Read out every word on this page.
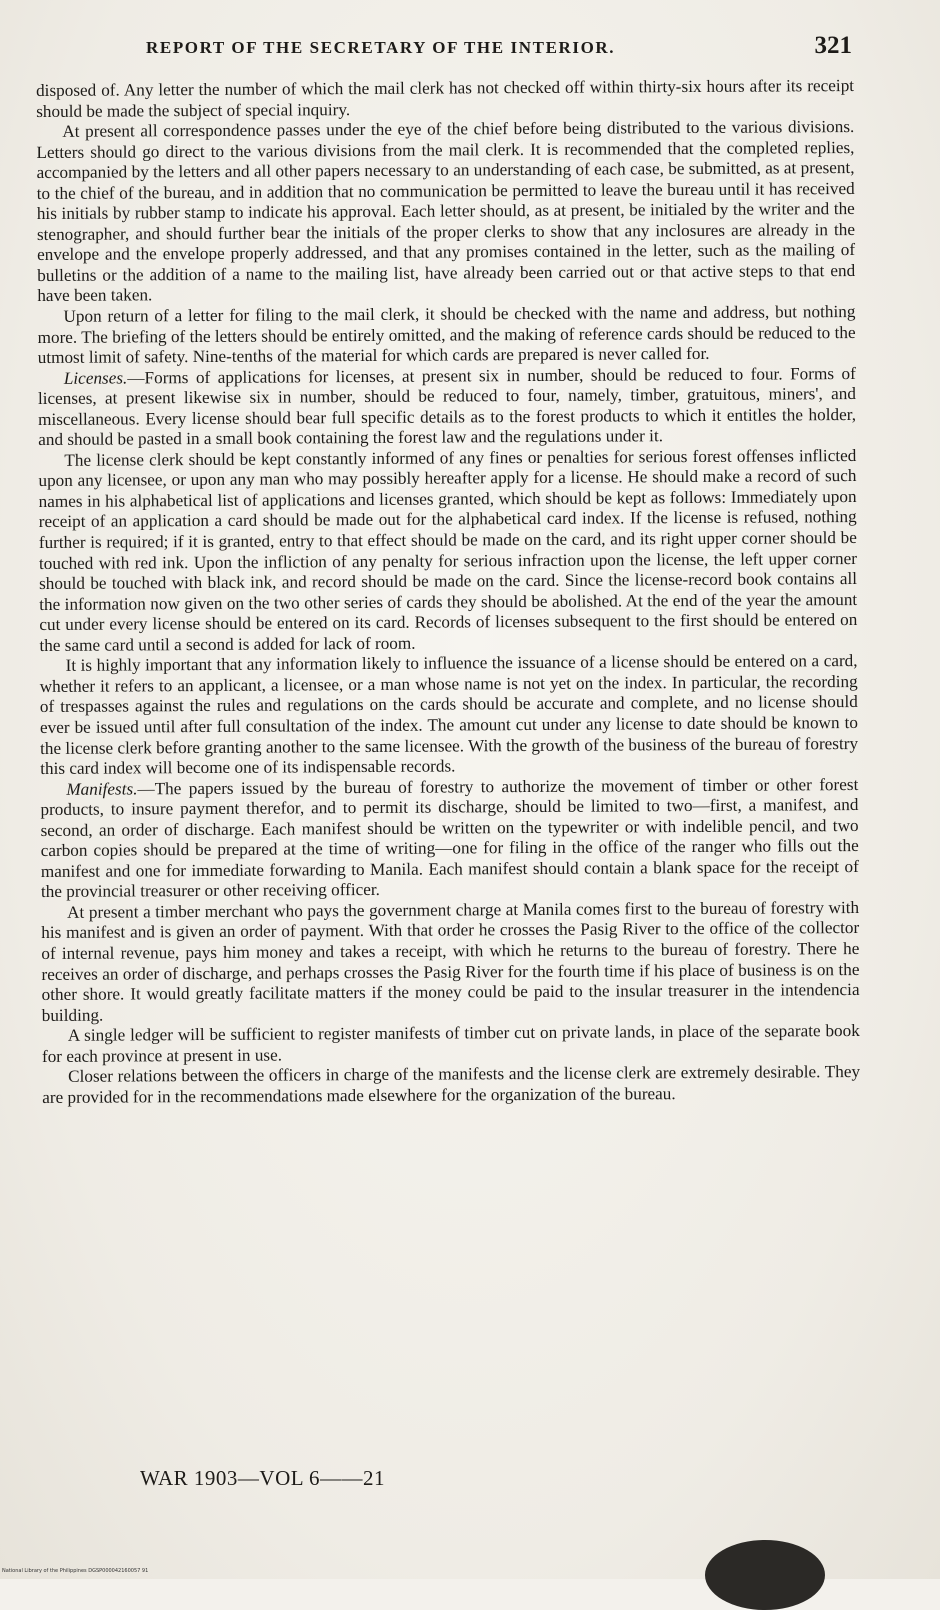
REPORT OF THE SECRETARY OF THE INTERIOR.	321

disposed of. Any letter the number of which the mail clerk has not checked off within thirty-six hours after its receipt should be made the subject of special inquiry.

At present all correspondence passes under the eye of the chief before being distributed to the various divisions. Letters should go direct to the various divisions from the mail clerk. It is recommended that the completed replies, accompanied by the letters and all other papers necessary to an understanding of each case, be submitted, as at present, to the chief of the bureau, and in addition that no communication be permitted to leave the bureau until it has received his initials by rubber stamp to indicate his approval. Each letter should, as at present, be initialed by the writer and the stenographer, and should further bear the initials of the proper clerks to show that any inclosures are already in the envelope and the envelope properly addressed, and that any promises contained in the letter, such as the mailing of bulletins or the addition of a name to the mailing list, have already been carried out or that active steps to that end have been taken.

Upon return of a letter for filing to the mail clerk, it should be checked with the name and address, but nothing more. The briefing of the letters should be entirely omitted, and the making of reference cards should be reduced to the utmost limit of safety. Nine-tenths of the material for which cards are prepared is never called for.

Licenses.—Forms of applications for licenses, at present six in number, should be reduced to four. Forms of licenses, at present likewise six in number, should be reduced to four, namely, timber, gratuitous, miners', and miscellaneous. Every license should bear full specific details as to the forest products to which it entitles the holder, and should be pasted in a small book containing the forest law and the regulations under it.

The license clerk should be kept constantly informed of any fines or penalties for serious forest offenses inflicted upon any licensee, or upon any man who may possibly hereafter apply for a license. He should make a record of such names in his alphabetical list of applications and licenses granted, which should be kept as follows: Immediately upon receipt of an application a card should be made out for the alphabetical card index. If the license is refused, nothing further is required; if it is granted, entry to that effect should be made on the card, and its right upper corner should be touched with red ink. Upon the infliction of any penalty for serious infraction upon the license, the left upper corner should be touched with black ink, and record should be made on the card. Since the license-record book contains all the information now given on the two other series of cards they should be abolished. At the end of the year the amount cut under every license should be entered on its card. Records of licenses subsequent to the first should be entered on the same card until a second is added for lack of room.

It is highly important that any information likely to influence the issuance of a license should be entered on a card, whether it refers to an applicant, a licensee, or a man whose name is not yet on the index. In particular, the recording of trespasses against the rules and regulations on the cards should be accurate and complete, and no license should ever be issued until after full consultation of the index. The amount cut under any license to date should be known to the license clerk before granting another to the same licensee. With the growth of the business of the bureau of forestry this card index will become one of its indispensable records.

Manifests.—The papers issued by the bureau of forestry to authorize the movement of timber or other forest products, to insure payment therefor, and to permit its discharge, should be limited to two—first, a manifest, and second, an order of discharge. Each manifest should be written on the typewriter or with indelible pencil, and two carbon copies should be prepared at the time of writing—one for filing in the office of the ranger who fills out the manifest and one for immediate forwarding to Manila. Each manifest should contain a blank space for the receipt of the provincial treasurer or other receiving officer.

At present a timber merchant who pays the government charge at Manila comes first to the bureau of forestry with his manifest and is given an order of payment. With that order he crosses the Pasig River to the office of the collector of internal revenue, pays him money and takes a receipt, with which he returns to the bureau of forestry. There he receives an order of discharge, and perhaps crosses the Pasig River for the fourth time if his place of business is on the other shore. It would greatly facilitate matters if the money could be paid to the insular treasurer in the intendencia building.

A single ledger will be sufficient to register manifests of timber cut on private lands, in place of the separate book for each province at present in use.

Closer relations between the officers in charge of the manifests and the license clerk are extremely desirable. They are provided for in the recommendations made elsewhere for the organization of the bureau.

WAR 1903—VOL 6——21
National Library of the Philippines DGSP000042160057 91
